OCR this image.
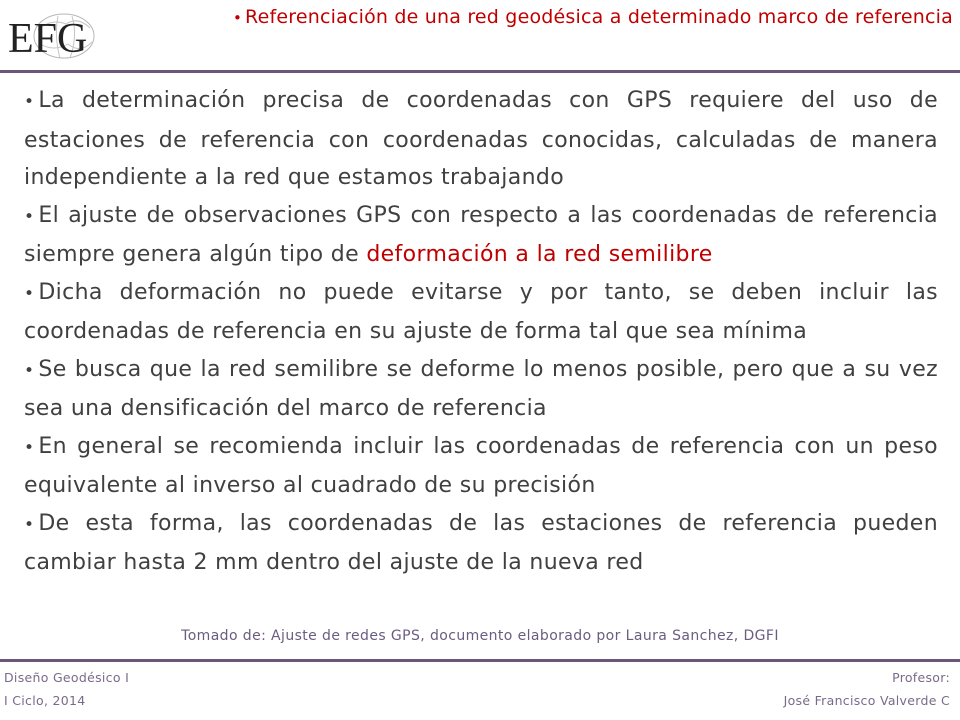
EFG	• Referenciación de una red geodésica a determinado marco de referencia
• La determinación precisa de coordenadas con GPS requiere del uso de estaciones de referencia con coordenadas conocidas, calculadas de manera independiente a la red que estamos trabajando
• El ajuste de observaciones GPS con respecto a las coordenadas de referencia siempre genera algún tipo de deformación a la red semilibre
• Dicha deformación no puede evitarse y por tanto, se deben incluir las coordenadas de referencia en su ajuste de forma tal que sea mínima
• Se busca que la red semilibre se deforme lo menos posible, pero que a su vez sea una densificación del marco de referencia
• En general se recomienda incluir las coordenadas de referencia con un peso equivalente al inverso al cuadrado de su precisión
• De esta forma, las coordenadas de las estaciones de referencia pueden cambiar hasta 2 mm dentro del ajuste de la nueva red
Tomado de: Ajuste de redes GPS, documento elaborado por Laura Sanchez, DGFI
Diseño Geodésico I
I Ciclo, 2014
Profesor:
José Francisco Valverde C
